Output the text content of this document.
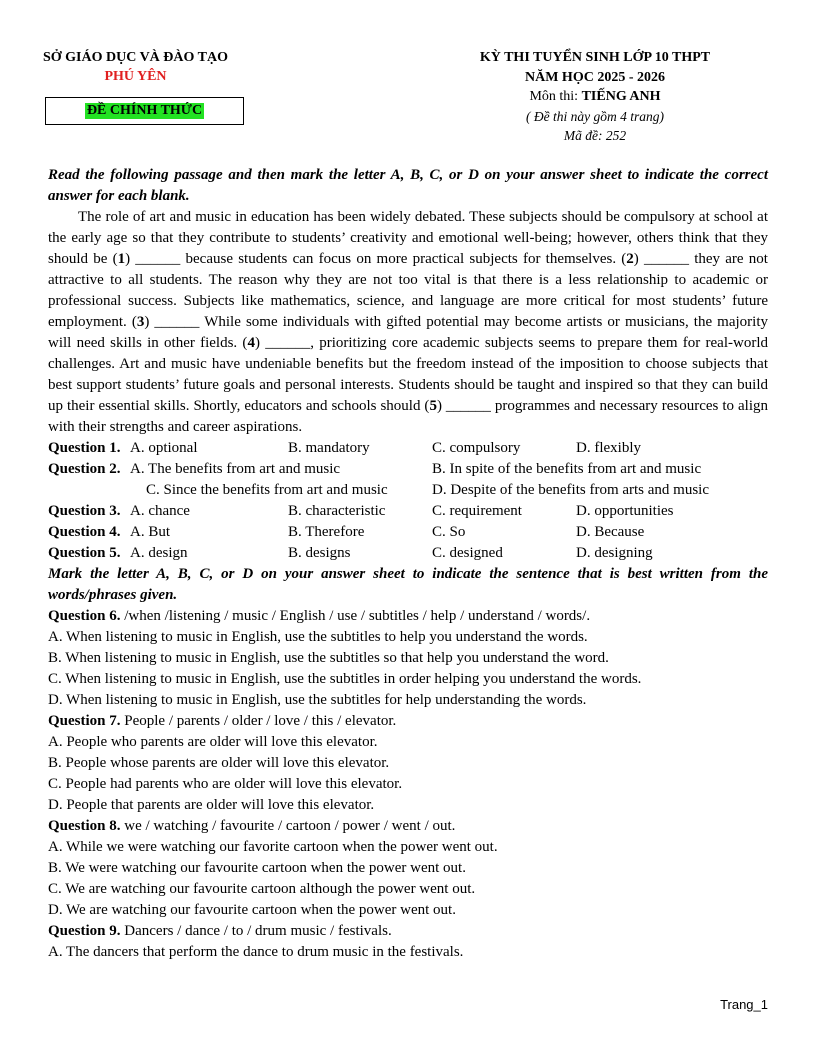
SỞ GIÁO DỤC VÀ ĐÀO TẠO
PHÚ YÊN
ĐỀ CHÍNH THỨC
KỲ THI TUYỂN SINH LỚP 10 THPT
NĂM HỌC 2025 - 2026
Môn thi: TIẾNG ANH
( Đề thi này gồm 4 trang)
Mã đề: 252

Read the following passage and then mark the letter A, B, C, or D on your answer sheet to indicate the correct answer for each blank.

The role of art and music in education has been widely debated. These subjects should be compulsory at school at the early age so that they contribute to students’ creativity and emotional well-being; however, others think that they should be (1) ______ because students can focus on more practical subjects for themselves. (2) ______ they are not attractive to all students. The reason why they are not too vital is that there is a less relationship to academic or professional success. Subjects like mathematics, science, and language are more critical for most students’ future employment. (3) ______ While some individuals with gifted potential may become artists or musicians, the majority will need skills in other fields. (4) ______, prioritizing core academic subjects seems to prepare them for real-world challenges. Art and music have undeniable benefits but the freedom instead of the imposition to choose subjects that best support students’ future goals and personal interests. Students should be taught and inspired so that they can build up their essential skills. Shortly, educators and schools should (5) ______ programmes and necessary resources to align with their strengths and career aspirations.

Question 1. A. optional	B. mandatory	C. compulsory	D. flexibly
Question 2. A. The benefits from art and music	B. In spite of the benefits from art and music
C. Since the benefits from art and music	D. Despite of the benefits from arts and music
Question 3. A. chance	B. characteristic	C. requirement	D. opportunities
Question 4. A. But	B. Therefore	C. So	D. Because
Question 5. A. design	B. designs	C. designed	D. designing

Mark the letter A, B, C, or D on your answer sheet to indicate the sentence that is best written from the words/phrases given.

Question 6. /when /listening / music / English / use / subtitles / help / understand / words/.

A. When listening to music in English, use the subtitles to help you understand the words.

B. When listening to music in English, use the subtitles so that help you understand the word.

C. When listening to music in English, use the subtitles in order helping you understand the words.

D. When listening to music in English, use the subtitles for help understanding the words.

Question 7. People / parents / older / love / this / elevator.

A. People who parents are older will love this elevator.

B. People whose parents are older will love this elevator.

C. People had parents who are older will love this elevator.

D. People that parents are older will love this elevator.

Question 8. we / watching / favourite / cartoon / power / went / out.

A. While we were watching our favorite cartoon when the power went out.

B. We were watching our favourite cartoon when the power went out.

C. We are watching our favourite cartoon although the power went out.

D. We are watching our favourite cartoon when the power went out.

Question 9. Dancers / dance / to / drum music / festivals.

A. The dancers that perform the dance to drum music in the festivals.

Trang_1
